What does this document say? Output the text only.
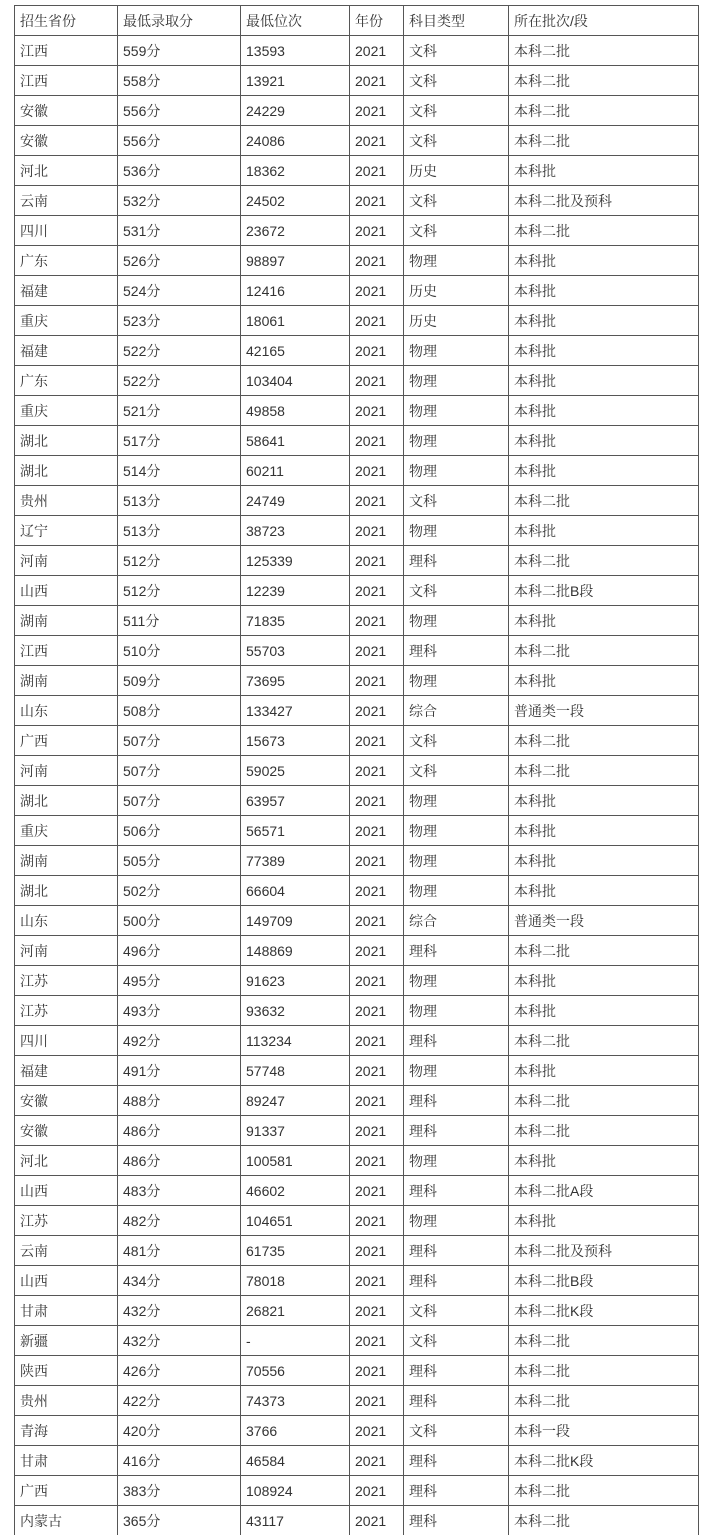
招生省份	最低录取分	最低位次	年份	科目类型	所在批次/段
江西	559分	13593	2021	文科	本科二批
江西	558分	13921	2021	文科	本科二批
安徽	556分	24229	2021	文科	本科二批
安徽	556分	24086	2021	文科	本科二批
河北	536分	18362	2021	历史	本科批
云南	532分	24502	2021	文科	本科二批及预科
四川	531分	23672	2021	文科	本科二批
广东	526分	98897	2021	物理	本科批
福建	524分	12416	2021	历史	本科批
重庆	523分	18061	2021	历史	本科批
福建	522分	42165	2021	物理	本科批
广东	522分	103404	2021	物理	本科批
重庆	521分	49858	2021	物理	本科批
湖北	517分	58641	2021	物理	本科批
湖北	514分	60211	2021	物理	本科批
贵州	513分	24749	2021	文科	本科二批
辽宁	513分	38723	2021	物理	本科批
河南	512分	125339	2021	理科	本科二批
山西	512分	12239	2021	文科	本科二批B段
湖南	511分	71835	2021	物理	本科批
江西	510分	55703	2021	理科	本科二批
湖南	509分	73695	2021	物理	本科批
山东	508分	133427	2021	综合	普通类一段
广西	507分	15673	2021	文科	本科二批
河南	507分	59025	2021	文科	本科二批
湖北	507分	63957	2021	物理	本科批
重庆	506分	56571	2021	物理	本科批
湖南	505分	77389	2021	物理	本科批
湖北	502分	66604	2021	物理	本科批
山东	500分	149709	2021	综合	普通类一段
河南	496分	148869	2021	理科	本科二批
江苏	495分	91623	2021	物理	本科批
江苏	493分	93632	2021	物理	本科批
四川	492分	113234	2021	理科	本科二批
福建	491分	57748	2021	物理	本科批
安徽	488分	89247	2021	理科	本科二批
安徽	486分	91337	2021	理科	本科二批
河北	486分	100581	2021	物理	本科批
山西	483分	46602	2021	理科	本科二批A段
江苏	482分	104651	2021	物理	本科批
云南	481分	61735	2021	理科	本科二批及预科
山西	434分	78018	2021	理科	本科二批B段
甘肃	432分	26821	2021	文科	本科二批K段
新疆	432分	-	2021	文科	本科二批
陕西	426分	70556	2021	理科	本科二批
贵州	422分	74373	2021	理科	本科二批
青海	420分	3766	2021	文科	本科一段
甘肃	416分	46584	2021	理科	本科二批K段
广西	383分	108924	2021	理科	本科二批
内蒙古	365分	43117	2021	理科	本科二批
